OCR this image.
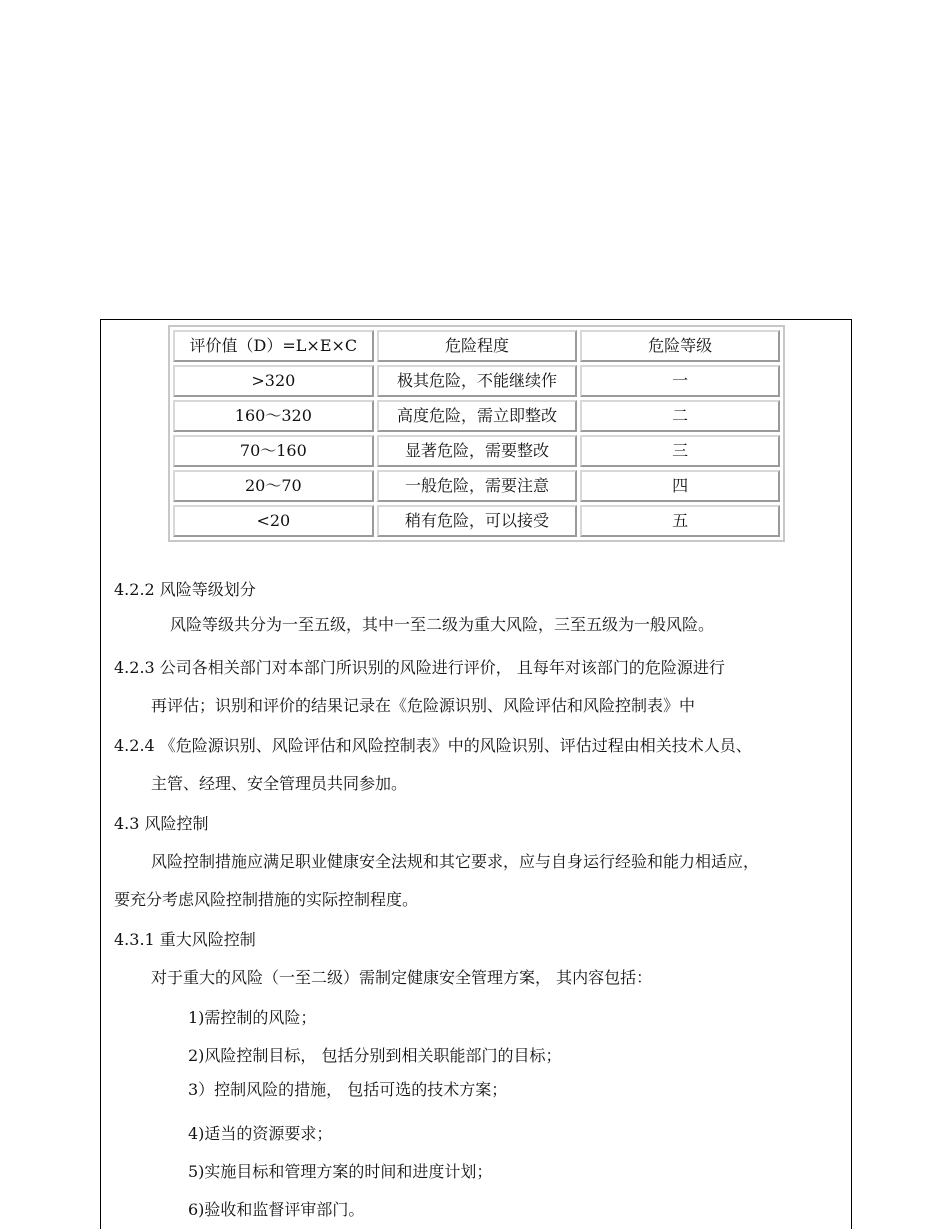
评价值（D）=L×E×C	危险程度	危险等级
>320	极其危险，不能继续作	一
160～320	高度危险，需立即整改	二
70～160	显著危险，需要整改	三
20～70	一般危险，需要注意	四
<20	稍有危险，可以接受	五
4.2.2 风险等级划分
风险等级共分为一至五级，其中一至二级为重大风险，三至五级为一般风险。
4.2.3 公司各相关部门对本部门所识别的风险进行评价， 且每年对该部门的危险源进行
再评估；识别和评价的结果记录在《危险源识别、风险评估和风险控制表》中
4.2.4 《危险源识别、风险评估和风险控制表》中的风险识别、评估过程由相关技术人员、
主管、经理、安全管理员共同参加。
4.3 风险控制
风险控制措施应满足职业健康安全法规和其它要求，应与自身运行经验和能力相适应，
要充分考虑风险控制措施的实际控制程度。
4.3.1 重大风险控制
对于重大的风险（一至二级）需制定健康安全管理方案， 其内容包括：
1)需控制的风险；
2)风险控制目标， 包括分别到相关职能部门的目标；
3）控制风险的措施， 包括可选的技术方案；
4)适当的资源要求；
5)实施目标和管理方案的时间和进度计划；
6)验收和监督评审部门。
